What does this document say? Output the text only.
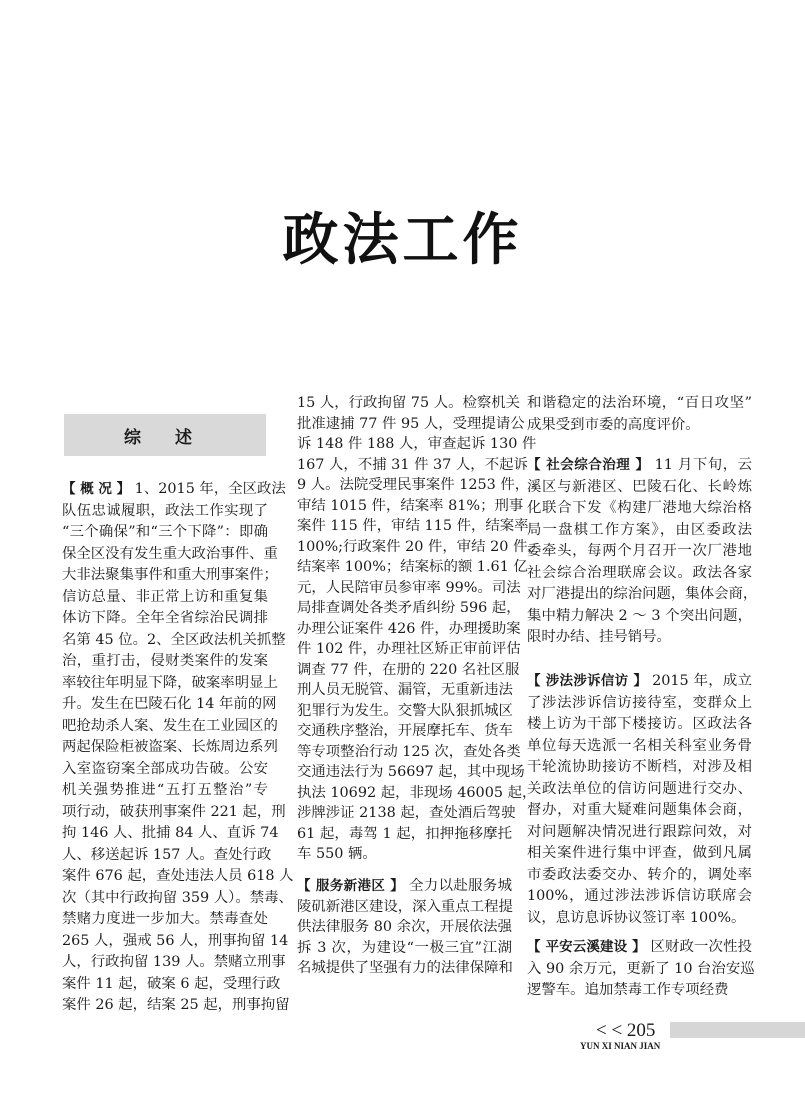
政法工作
综 述
【 概 况 】 1、2015 年，全区政法
队伍忠诚履职，政法工作实现了
“三个确保”和“三个下降”：即确
保全区没有发生重大政治事件、重
大非法聚集事件和重大刑事案件；
信访总量、非正常上访和重复集
体访下降。全年全省综治民调排
名第 45 位。2、全区政法机关抓整
治，重打击，侵财类案件的发案
率较往年明显下降，破案率明显上
升。发生在巴陵石化 14 年前的网
吧抢劫杀人案、发生在工业园区的
两起保险柜被盗案、长炼周边系列
入室盗窃案全部成功告破。公安
机关强势推进“五打五整治”专
项行动，破获刑事案件 221 起，刑
拘 146 人、批捕 84 人、直诉 74
人、移送起诉 157 人。查处行政
案件 676 起，查处违法人员 618 人
次（其中行政拘留 359 人）。禁毒、
禁赌力度进一步加大。禁毒查处
265 人，强戒 56 人，刑事拘留 14
人，行政拘留 139 人。禁赌立刑事
案件 11 起，破案 6 起，受理行政
案件 26 起，结案 25 起，刑事拘留
15 人，行政拘留 75 人。检察机关
批准逮捕 77 件 95 人，受理提请公
诉 148 件 188 人，审查起诉 130 件
167 人，不捕 31 件 37 人，不起诉
9 人。法院受理民事案件 1253 件，
审结 1015 件，结案率 81%；刑事
案件 115 件，审结 115 件，结案率
100%;行政案件 20 件，审结 20 件，
结案率 100%；结案标的额 1.61 亿
元，人民陪审员参审率 99%。司法
局排查调处各类矛盾纠纷 596 起，
办理公证案件 426 件，办理援助案
件 102 件，办理社区矫正审前评估
调查 77 件，在册的 220 名社区服
刑人员无脱管、漏管，无重新违法
犯罪行为发生。交警大队狠抓城区
交通秩序整治，开展摩托车、货车
等专项整治行动 125 次，查处各类
交通违法行为 56697 起，其中现场
执法 10692 起，非现场 46005 起，
涉牌涉证 2138 起，查处酒后驾驶
61 起，毒驾 1 起，扣押拖移摩托
车 550 辆。
【 服务新港区 】 全力以赴服务城
陵矶新港区建设，深入重点工程提
供法律服务 80 余次，开展依法强
拆 3 次，为建设“一极三宜”江湖
名城提供了坚强有力的法律保障和
和谐稳定的法治环境，“百日攻坚”
成果受到市委的高度评价。
【 社会综合治理 】 11 月下旬，云
溪区与新港区、巴陵石化、长岭炼
化联合下发《构建厂港地大综治格
局一盘棋工作方案》，由区委政法
委牵头，每两个月召开一次厂港地
社会综合治理联席会议。政法各家
对厂港提出的综治问题，集体会商，
集中精力解决 2 ～ 3 个突出问题，
限时办结、挂号销号。
【 涉法涉诉信访 】 2015 年，成立
了涉法涉诉信访接待室，变群众上
楼上访为干部下楼接访。区政法各
单位每天选派一名相关科室业务骨
干轮流协助接访不断档，对涉及相
关政法单位的信访问题进行交办、
督办，对重大疑难问题集体会商，
对问题解决情况进行跟踪问效，对
相关案件进行集中评查，做到凡属
市委政法委交办、转介的，调处率
100%，通过涉法涉诉信访联席会
议，息访息诉协议签订率 100%。
【 平安云溪建设 】 区财政一次性投
入 90 余万元，更新了 10 台治安巡
逻警车。追加禁毒工作专项经费
< < 205
YUN XI NIAN JIAN
